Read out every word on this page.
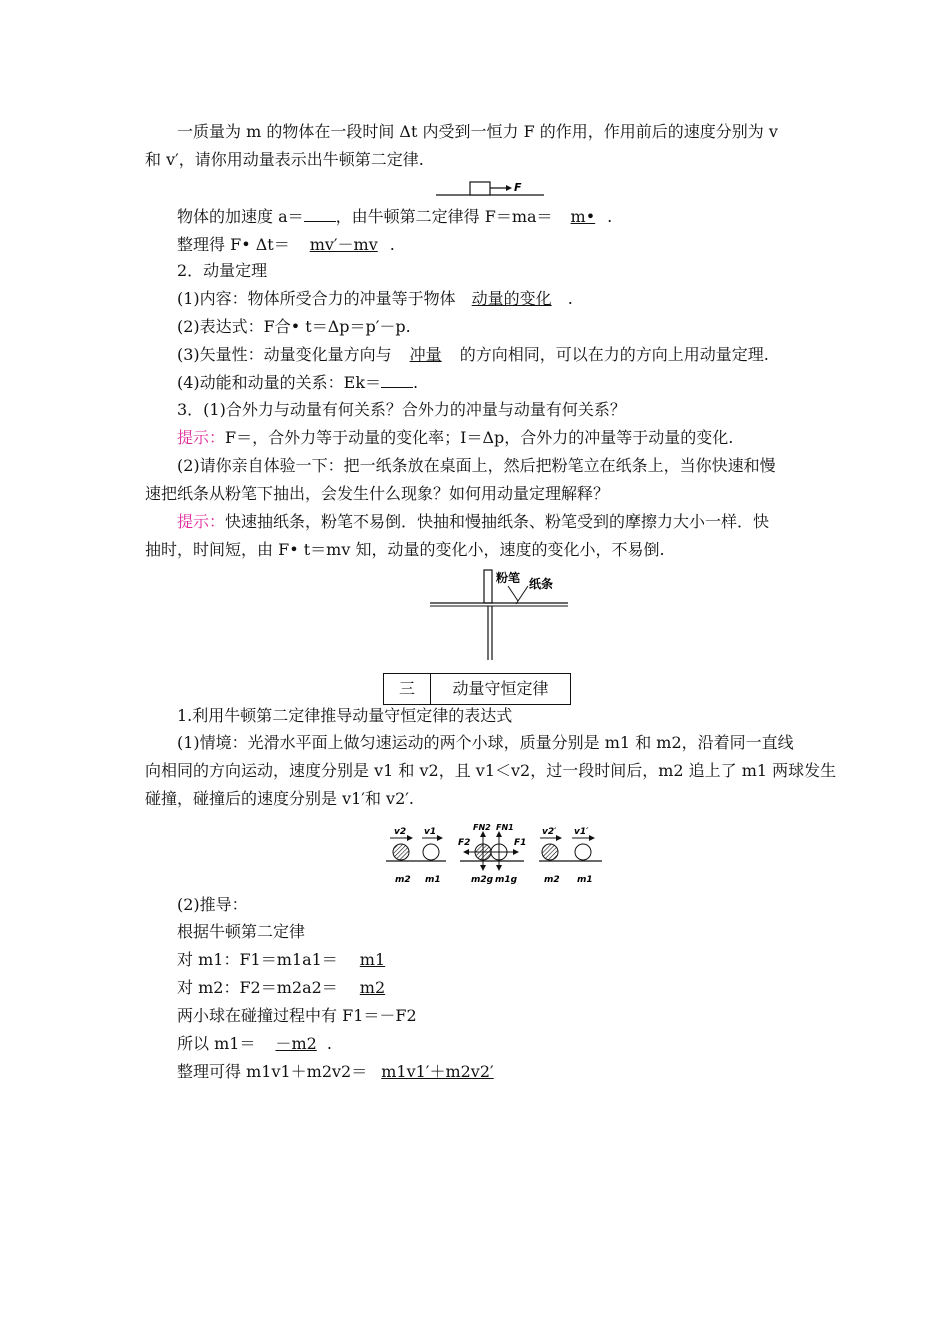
一质量为 m 的物体在一段时间 Δt 内受到一恒力 F 的作用，作用前后的速度分别为 v
和 v′，请你用动量表示出牛顿第二定律.
F
物体的加速度 a＝ ，由牛顿第二定律得 F＝ma＝ m• .
整理得 F• Δt＝ mv′－mv .
2．动量定理
(1)内容：物体所受合力的冲量等于物体 动量的变化 .
(2)表达式：F合• t＝Δp＝p′－p.
(3)矢量性：动量变化量方向与 冲量 的方向相同，可以在力的方向上用动量定理.
(4)动能和动量的关系：Ek＝ .
3．(1)合外力与动量有何关系？合外力的冲量与动量有何关系？
提示：F＝，合外力等于动量的变化率；I＝Δp，合外力的冲量等于动量的变化.
(2)请你亲自体验一下：把一纸条放在桌面上，然后把粉笔立在纸条上，当你快速和慢
速把纸条从粉笔下抽出，会发生什么现象？如何用动量定理解释？
提示：快速抽纸条，粉笔不易倒．快抽和慢抽纸条、粉笔受到的摩擦力大小一样．快
抽时，时间短，由 F• t＝mv 知，动量的变化小，速度的变化小，不易倒.
粉笔 纸条
三	动量守恒定律
1.利用牛顿第二定律推导动量守恒定律的表达式
(1)情境：光滑水平面上做匀速运动的两个小球，质量分别是 m1 和 m2，沿着同一直线
向相同的方向运动，速度分别是 v1 和 v2，且 v1＜v2，过一段时间后，m2 追上了 m1 两球发生
碰撞，碰撞后的速度分别是 v1′和 v2′.
v2 v1
F2
FN2 FN1
F1
v2′ v1′
m2 m1	m2g m1g	m2 m1
(2)推导：
根据牛顿第二定律
对 m1：F1＝m1a1＝ m1
对 m2：F2＝m2a2＝ m2
两小球在碰撞过程中有 F1＝－F2
所以 m1＝ －m2 .
整理可得 m1v1＋m2v2＝ m1v1′＋m2v2′
